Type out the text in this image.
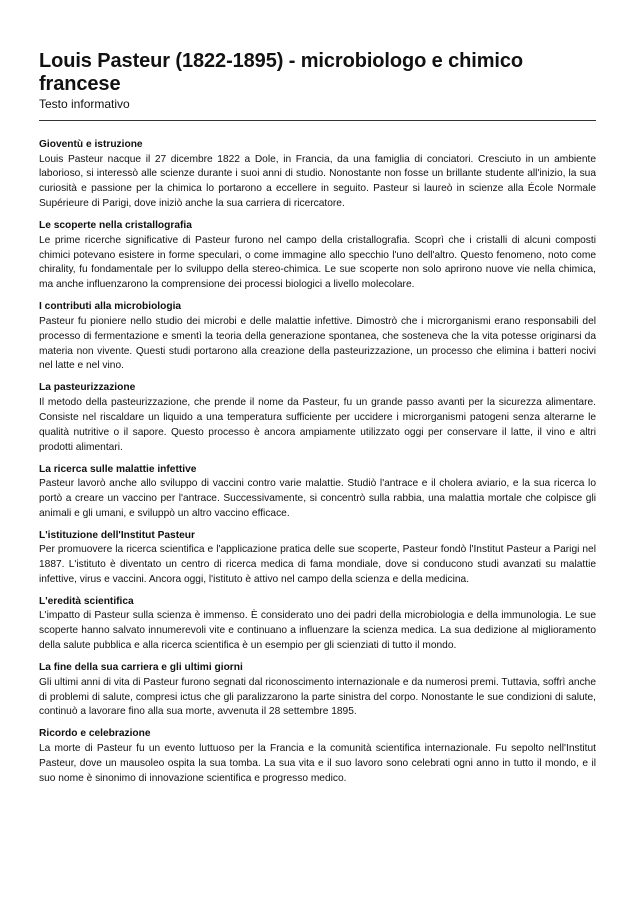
Louis Pasteur (1822-1895) - microbiologo e chimico francese
Testo informativo
Gioventù e istruzione

Louis Pasteur nacque il 27 dicembre 1822 a Dole, in Francia, da una famiglia di conciatori. Cresciuto in un ambiente laborioso, si interessò alle scienze durante i suoi anni di studio. Nonostante non fosse un brillante studente all'inizio, la sua curiosità e passione per la chimica lo portarono a eccellere in seguito. Pasteur si laureò in scienze alla École Normale Supérieure di Parigi, dove iniziò anche la sua carriera di ricercatore.

Le scoperte nella cristallografia

Le prime ricerche significative di Pasteur furono nel campo della cristallografia. Scoprì che i cristalli di alcuni composti chimici potevano esistere in forme speculari, o come immagine allo specchio l'uno dell'altro. Questo fenomeno, noto come chirality, fu fondamentale per lo sviluppo della stereo-chimica. Le sue scoperte non solo aprirono nuove vie nella chimica, ma anche influenzarono la comprensione dei processi biologici a livello molecolare.

I contributi alla microbiologia

Pasteur fu pioniere nello studio dei microbi e delle malattie infettive. Dimostrò che i microrganismi erano responsabili del processo di fermentazione e smentì la teoria della generazione spontanea, che sosteneva che la vita potesse originarsi da materia non vivente. Questi studi portarono alla creazione della pasteurizzazione, un processo che elimina i batteri nocivi nel latte e nel vino.

La pasteurizzazione

Il metodo della pasteurizzazione, che prende il nome da Pasteur, fu un grande passo avanti per la sicurezza alimentare. Consiste nel riscaldare un liquido a una temperatura sufficiente per uccidere i microrganismi patogeni senza alterarne le qualità nutritive o il sapore. Questo processo è ancora ampiamente utilizzato oggi per conservare il latte, il vino e altri prodotti alimentari.

La ricerca sulle malattie infettive

Pasteur lavorò anche allo sviluppo di vaccini contro varie malattie. Studiò l'antrace e il cholera aviario, e la sua ricerca lo portò a creare un vaccino per l'antrace. Successivamente, si concentrò sulla rabbia, una malattia mortale che colpisce gli animali e gli umani, e sviluppò un altro vaccino efficace.

L'istituzione dell'Institut Pasteur

Per promuovere la ricerca scientifica e l'applicazione pratica delle sue scoperte, Pasteur fondò l'Institut Pasteur a Parigi nel 1887. L'istituto è diventato un centro di ricerca medica di fama mondiale, dove si conducono studi avanzati su malattie infettive, virus e vaccini. Ancora oggi, l'istituto è attivo nel campo della scienza e della medicina.

L'eredità scientifica

L'impatto di Pasteur sulla scienza è immenso. È considerato uno dei padri della microbiologia e della immunologia. Le sue scoperte hanno salvato innumerevoli vite e continuano a influenzare la scienza medica. La sua dedizione al miglioramento della salute pubblica e alla ricerca scientifica è un esempio per gli scienziati di tutto il mondo.

La fine della sua carriera e gli ultimi giorni

Gli ultimi anni di vita di Pasteur furono segnati dal riconoscimento internazionale e da numerosi premi. Tuttavia, soffrì anche di problemi di salute, compresi ictus che gli paralizzarono la parte sinistra del corpo. Nonostante le sue condizioni di salute, continuò a lavorare fino alla sua morte, avvenuta il 28 settembre 1895.

Ricordo e celebrazione

La morte di Pasteur fu un evento luttuoso per la Francia e la comunità scientifica internazionale. Fu sepolto nell'Institut Pasteur, dove un mausoleo ospita la sua tomba. La sua vita e il suo lavoro sono celebrati ogni anno in tutto il mondo, e il suo nome è sinonimo di innovazione scientifica e progresso medico.
